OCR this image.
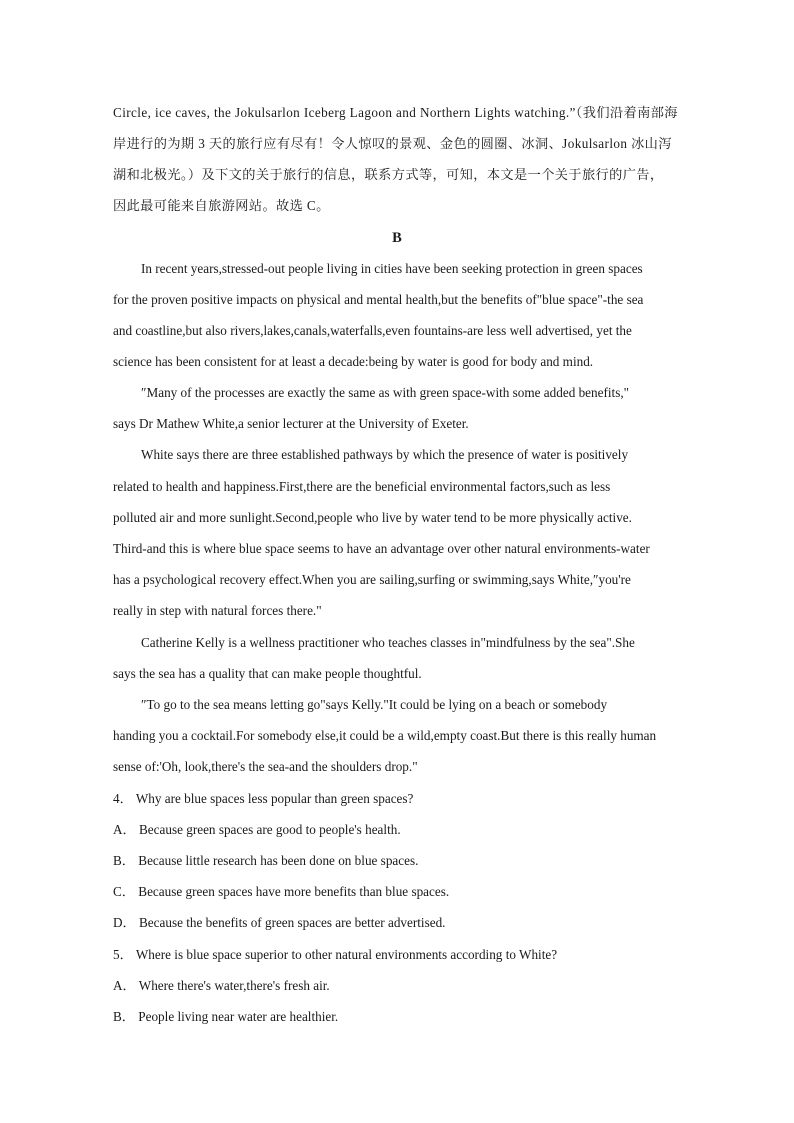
Circle, ice caves, the Jokulsarlon Iceberg Lagoon and Northern Lights watching.”（我们沿着南部海
岸进行的为期 3 天的旅行应有尽有！令人惊叹的景观、金色的圆圈、冰洞、Jokulsarlon 冰山泻
湖和北极光。）及下文的关于旅行的信息，联系方式等，可知，本文是一个关于旅行的广告，
因此最可能来自旅游网站。故选 C。
B
In recent years,stressed-out people living in cities have been seeking protection in green spaces
for the proven positive impacts on physical and mental health,but the benefits of"blue space"-the sea
and coastline,but also rivers,lakes,canals,waterfalls,even fountains-are less well advertised, yet the
science has been consistent for at least a decade:being by water is good for body and mind.
″Many of the processes are exactly the same as with green space-with some added benefits,"
says Dr Mathew White,a senior lecturer at the University of Exeter.
White says there are three established pathways by which the presence of water is positively
related to health and happiness.First,there are the beneficial environmental factors,such as less
polluted air and more sunlight.Second,people who live by water tend to be more physically active.
Third-and this is where blue space seems to have an advantage over other natural environments-water
has a psychological recovery effect.When you are sailing,surfing or swimming,says White,″you're
really in step with natural forces there."
Catherine Kelly is a wellness practitioner who teaches classes in"mindfulness by the sea".She
says the sea has a quality that can make people thoughtful.
″To go to the sea means letting go"says Kelly."It could be lying on a beach or somebody
handing you a cocktail.For somebody else,it could be a wild,empty coast.But there is this really human
sense of:'Oh, look,there's the sea-and the shoulders drop."
4． Why are blue spaces less popular than green spaces?
A． Because green spaces are good to people's health.
B． Because little research has been done on blue spaces.
C． Because green spaces have more benefits than blue spaces.
D． Because the benefits of green spaces are better advertised.
5． Where is blue space superior to other natural environments according to White?
A． Where there's water,there's fresh air.
B． People living near water are healthier.
